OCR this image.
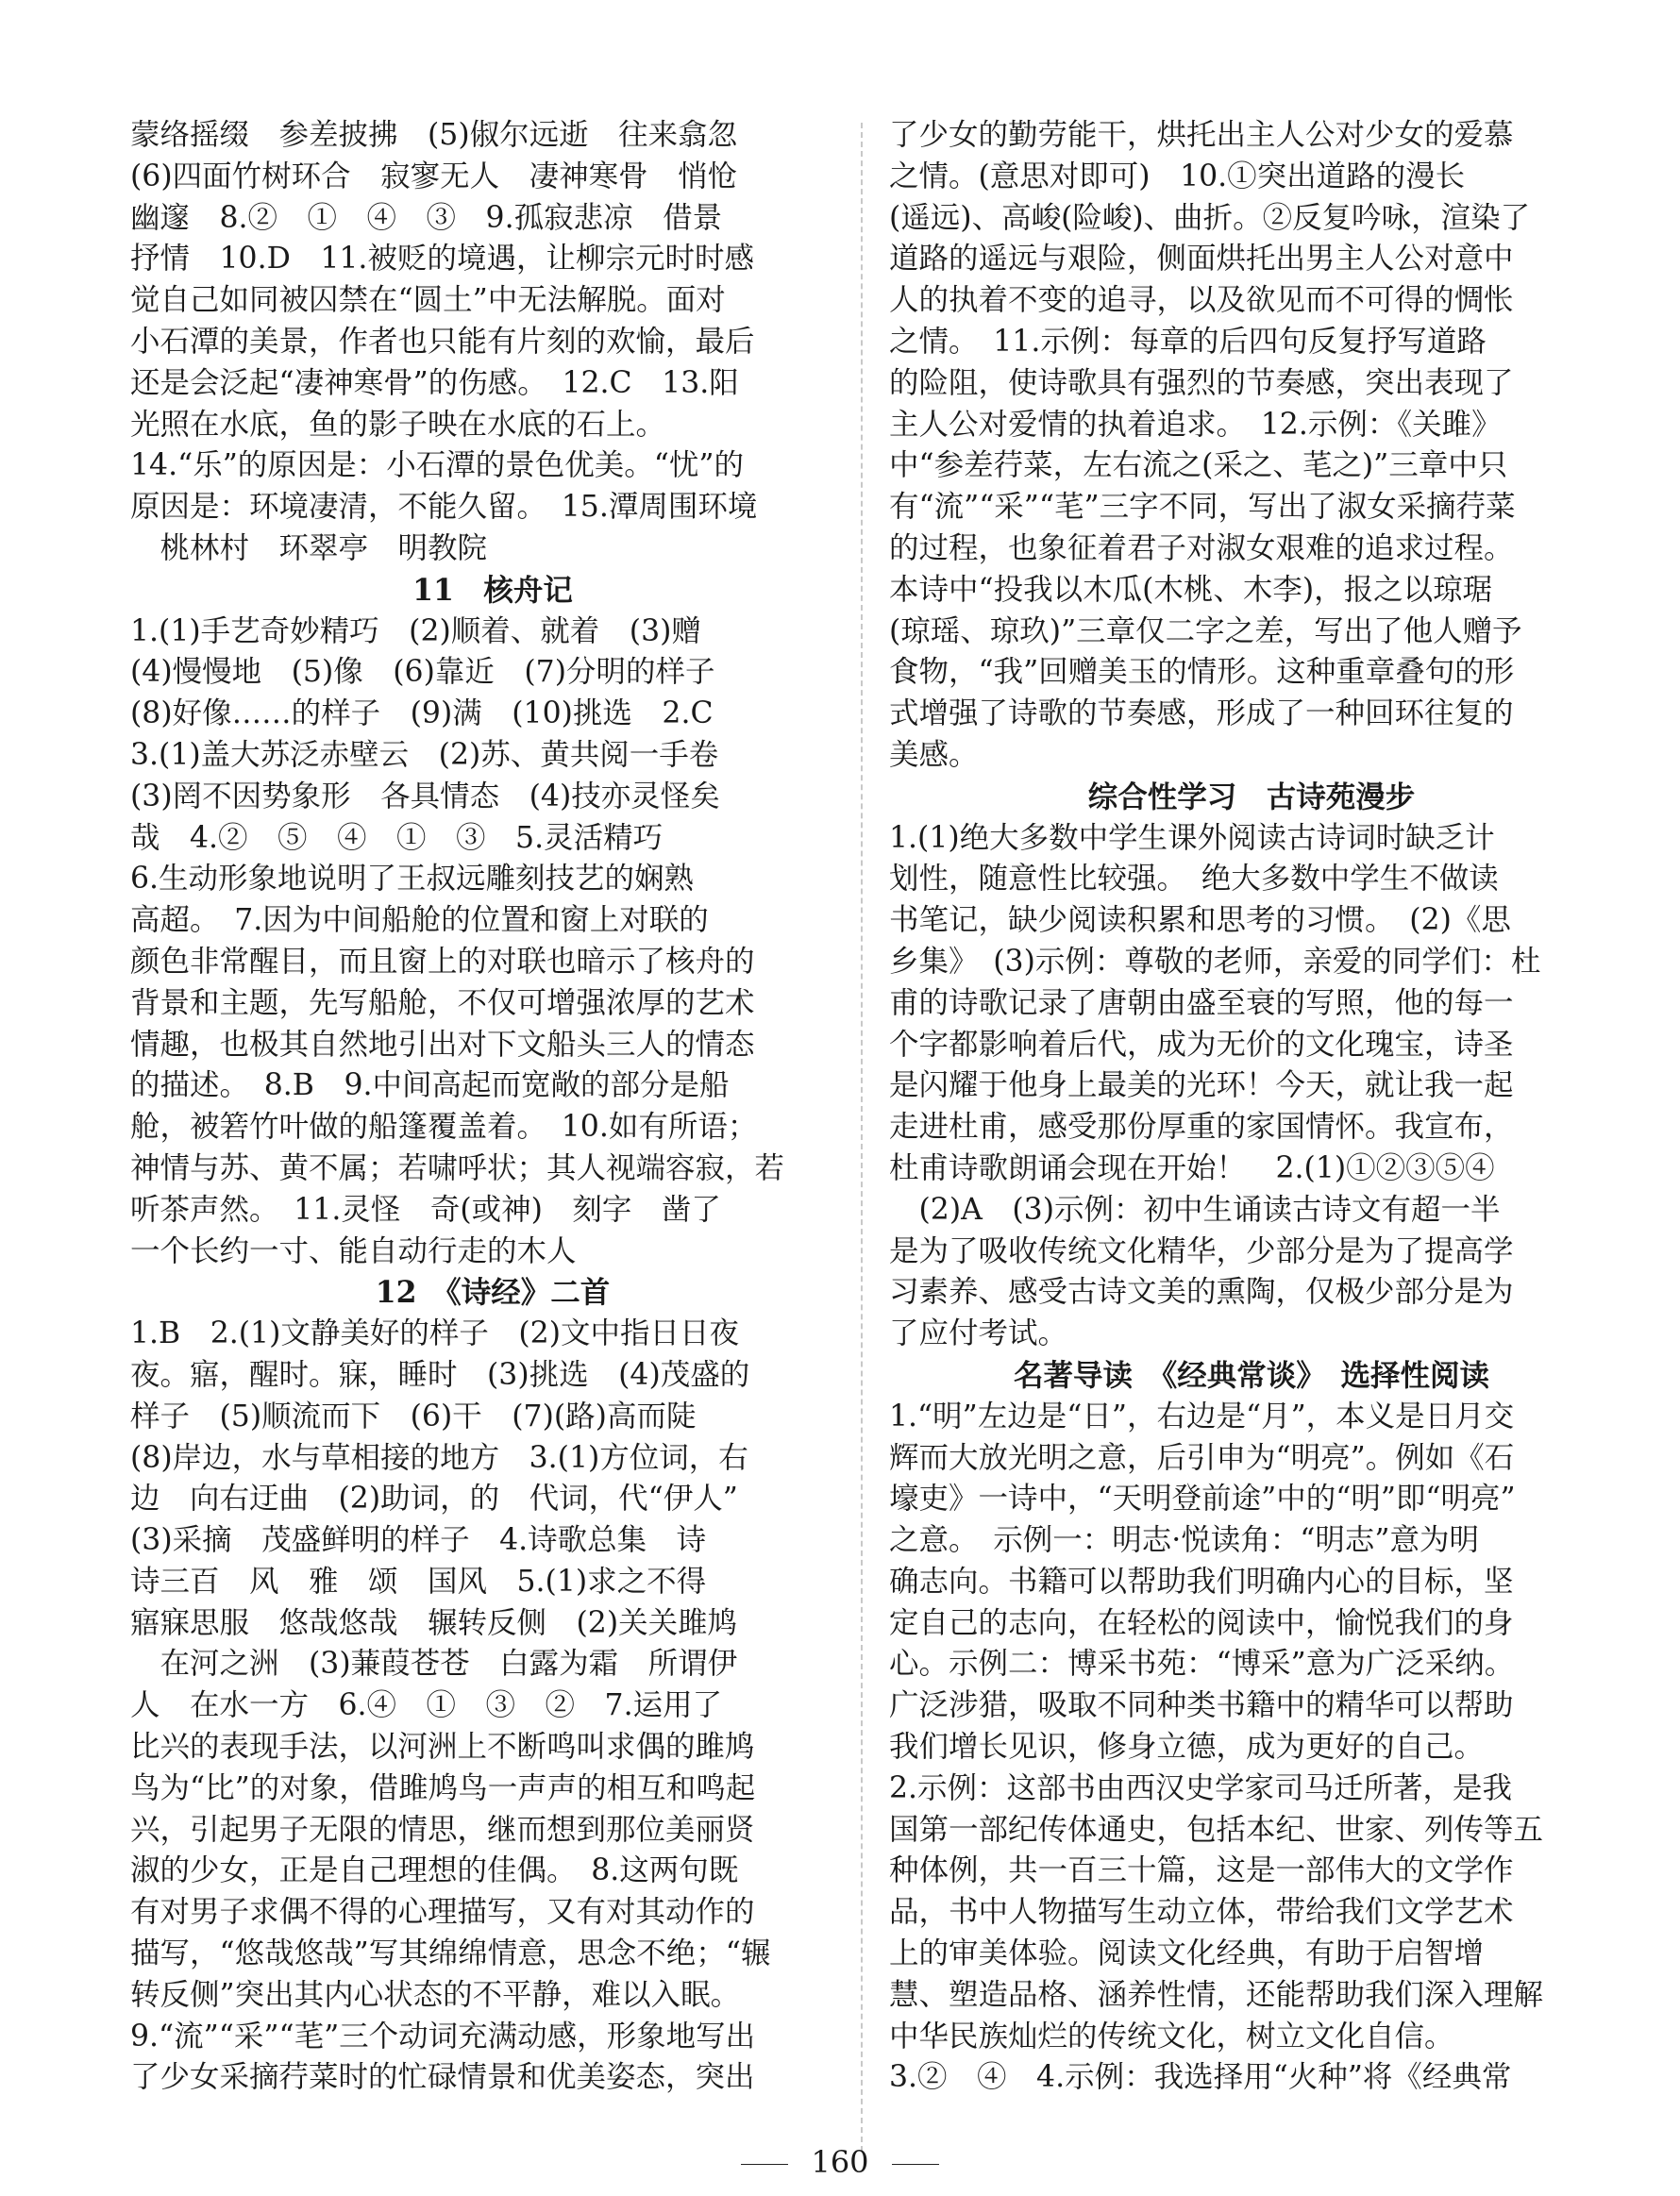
蒙络摇缀　参差披拂　(5)俶尔远逝　往来翕忽
(6)四面竹树环合　寂寥无人　凄神寒骨　悄怆
幽邃　8.②　①　④　③　9.孤寂悲凉　借景
抒情　10.D　11.被贬的境遇，让柳宗元时时感
觉自己如同被囚禁在“圆土”中无法解脱。面对
小石潭的美景，作者也只能有片刻的欢愉，最后
还是会泛起“凄神寒骨”的伤感。　12.C　13.阳
光照在水底，鱼的影子映在水底的石上。
14.“乐”的原因是：小石潭的景色优美。“忧”的
原因是：环境凄清，不能久留。　15.潭周围环境
　桃林村　环翠亭　明教院
11　核舟记
1.(1)手艺奇妙精巧　(2)顺着、就着　(3)赠
(4)慢慢地　(5)像　(6)靠近　(7)分明的样子
(8)好像……的样子　(9)满　(10)挑选　2.C
3.(1)盖大苏泛赤壁云　(2)苏、黄共阅一手卷
(3)罔不因势象形　各具情态　(4)技亦灵怪矣
哉　4.②　⑤　④　①　③　5.灵活精巧
6.生动形象地说明了王叔远雕刻技艺的娴熟
高超。　7.因为中间船舱的位置和窗上对联的
颜色非常醒目，而且窗上的对联也暗示了核舟的
背景和主题，先写船舱，不仅可增强浓厚的艺术
情趣，也极其自然地引出对下文船头三人的情态
的描述。　8.B　9.中间高起而宽敞的部分是船
舱，被箬竹叶做的船篷覆盖着。　10.如有所语；
神情与苏、黄不属；若啸呼状；其人视端容寂，若
听茶声然。　11.灵怪　奇(或神)　刻字　凿了
一个长约一寸、能自动行走的木人
12　《诗经》二首
1.B　2.(1)文静美好的样子　(2)文中指日日夜
夜。寤，醒时。寐，睡时　(3)挑选　(4)茂盛的
样子　(5)顺流而下　(6)干　(7)(路)高而陡
(8)岸边，水与草相接的地方　3.(1)方位词，右
边　向右迂曲　(2)助词，的　代词，代“伊人”
(3)采摘　茂盛鲜明的样子　4.诗歌总集　诗
诗三百　风　雅　颂　国风　5.(1)求之不得
寤寐思服　悠哉悠哉　辗转反侧　(2)关关雎鸠
　在河之洲　(3)蒹葭苍苍　白露为霜　所谓伊
人　在水一方　6.④　①　③　②　7.运用了
比兴的表现手法，以河洲上不断鸣叫求偶的雎鸠
鸟为“比”的对象，借雎鸠鸟一声声的相互和鸣起
兴，引起男子无限的情思，继而想到那位美丽贤
淑的少女，正是自己理想的佳偶。　8.这两句既
有对男子求偶不得的心理描写，又有对其动作的
描写，“悠哉悠哉”写其绵绵情意，思念不绝；“辗
转反侧”突出其内心状态的不平静，难以入眠。
9.“流”“采”“芼”三个动词充满动感，形象地写出
了少女采摘荇菜时的忙碌情景和优美姿态，突出
了少女的勤劳能干，烘托出主人公对少女的爱慕
之情。(意思对即可)　10.①突出道路的漫长
(遥远)、高峻(险峻)、曲折。②反复吟咏，渲染了
道路的遥远与艰险，侧面烘托出男主人公对意中
人的执着不变的追寻，以及欲见而不可得的惆怅
之情。　11.示例：每章的后四句反复抒写道路
的险阻，使诗歌具有强烈的节奏感，突出表现了
主人公对爱情的执着追求。　12.示例：《关雎》
中“参差荇菜，左右流之(采之、芼之)”三章中只
有“流”“采”“芼”三字不同，写出了淑女采摘荇菜
的过程，也象征着君子对淑女艰难的追求过程。
本诗中“投我以木瓜(木桃、木李)，报之以琼琚
(琼瑶、琼玖)”三章仅二字之差，写出了他人赠予
食物，“我”回赠美玉的情形。这种重章叠句的形
式增强了诗歌的节奏感，形成了一种回环往复的
美感。
综合性学习　古诗苑漫步
1.(1)绝大多数中学生课外阅读古诗词时缺乏计
划性，随意性比较强。　绝大多数中学生不做读
书笔记，缺少阅读积累和思考的习惯。　(2)《思
乡集》　(3)示例：尊敬的老师，亲爱的同学们：杜
甫的诗歌记录了唐朝由盛至衰的写照，他的每一
个字都影响着后代，成为无价的文化瑰宝，诗圣
是闪耀于他身上最美的光环！今天，就让我一起
走进杜甫，感受那份厚重的家国情怀。我宣布，
杜甫诗歌朗诵会现在开始！　2.(1)①②③⑤④
　(2)A　(3)示例：初中生诵读古诗文有超一半
是为了吸收传统文化精华，少部分是为了提高学
习素养、感受古诗文美的熏陶，仅极少部分是为
了应付考试。
名著导读　《经典常谈》　选择性阅读
1.“明”左边是“日”，右边是“月”，本义是日月交
辉而大放光明之意，后引申为“明亮”。例如《石
壕吏》一诗中，“天明登前途”中的“明”即“明亮”
之意。　示例一：明志·悦读角：“明志”意为明
确志向。书籍可以帮助我们明确内心的目标，坚
定自己的志向，在轻松的阅读中，愉悦我们的身
心。示例二：博采书苑：“博采”意为广泛采纳。
广泛涉猎，吸取不同种类书籍中的精华可以帮助
我们增长见识，修身立德，成为更好的自己。
2.示例：这部书由西汉史学家司马迁所著，是我
国第一部纪传体通史，包括本纪、世家、列传等五
种体例，共一百三十篇，这是一部伟大的文学作
品，书中人物描写生动立体，带给我们文学艺术
上的审美体验。阅读文化经典，有助于启智增
慧、塑造品格、涵养性情，还能帮助我们深入理解
中华民族灿烂的传统文化，树立文化自信。
3.②　④　4.示例：我选择用“火种”将《经典常
160
